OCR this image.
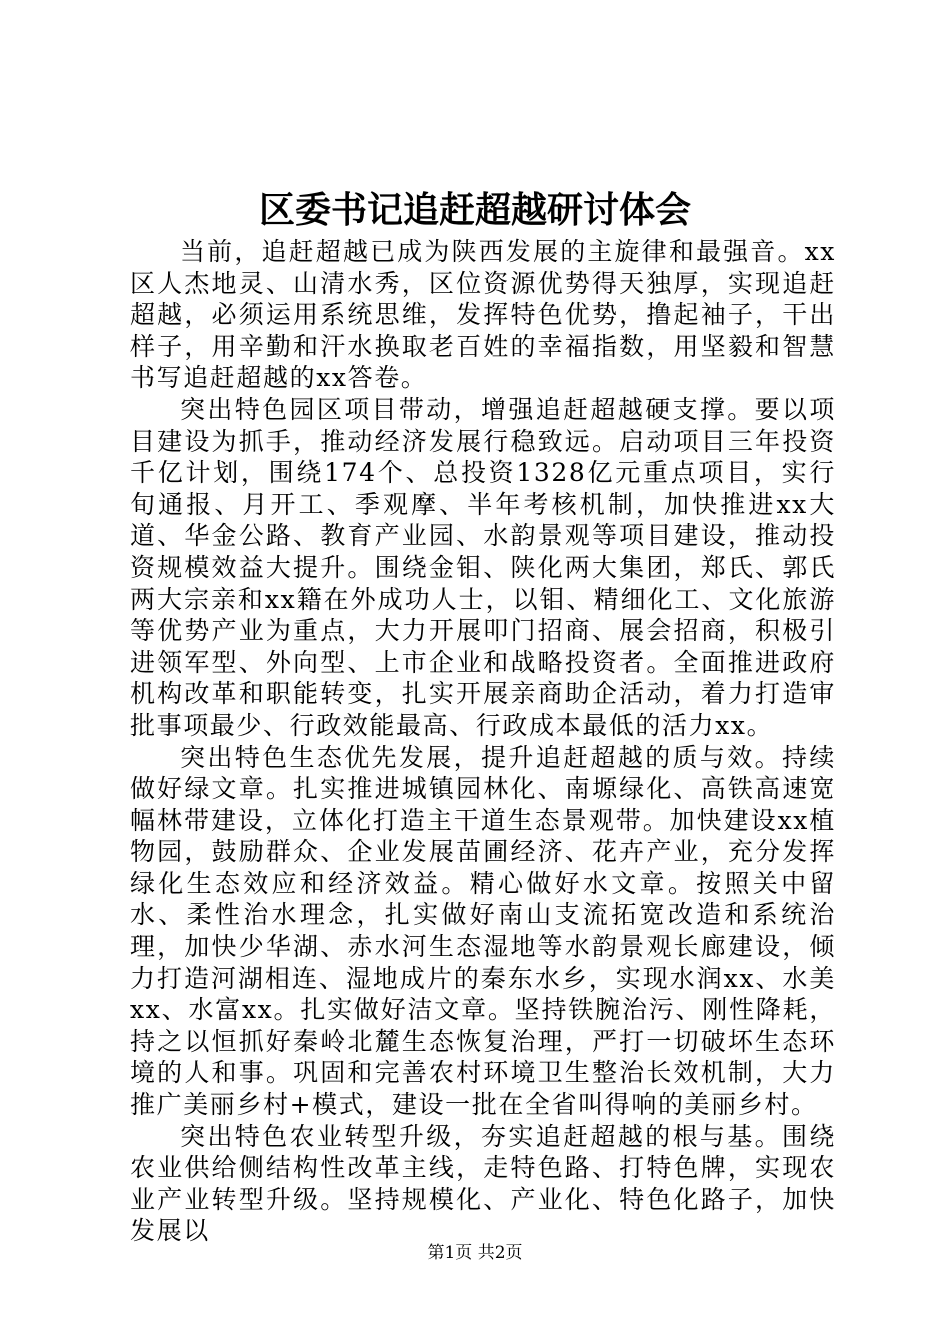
区委书记追赶超越研讨体会

当前，追赶超越已成为陕西发展的主旋律和最强音。xx区人杰地灵、山清水秀，区位资源优势得天独厚，实现追赶超越，必须运用系统思维，发挥特色优势，撸起袖子，干出样子，用辛勤和汗水换取老百姓的幸福指数，用坚毅和智慧书写追赶超越的xx答卷。

突出特色园区项目带动，增强追赶超越硬支撑。要以项目建设为抓手，推动经济发展行稳致远。启动项目三年投资千亿计划，围绕174个、总投资1328亿元重点项目，实行旬通报、月开工、季观摩、半年考核机制，加快推进xx大道、华金公路、教育产业园、水韵景观等项目建设，推动投资规模效益大提升。围绕金钼、陕化两大集团，郑氏、郭氏两大宗亲和xx籍在外成功人士，以钼、精细化工、文化旅游等优势产业为重点，大力开展叩门招商、展会招商，积极引进领军型、外向型、上市企业和战略投资者。全面推进政府机构改革和职能转变，扎实开展亲商助企活动，着力打造审批事项最少、行政效能最高、行政成本最低的活力xx。

突出特色生态优先发展，提升追赶超越的质与效。持续做好绿文章。扎实推进城镇园林化、南塬绿化、高铁高速宽幅林带建设，立体化打造主干道生态景观带。加快建设xx植物园，鼓励群众、企业发展苗圃经济、花卉产业，充分发挥绿化生态效应和经济效益。精心做好水文章。按照关中留水、柔性治水理念，扎实做好南山支流拓宽改造和系统治理，加快少华湖、赤水河生态湿地等水韵景观长廊建设，倾力打造河湖相连、湿地成片的秦东水乡，实现水润xx、水美xx、水富xx。扎实做好洁文章。坚持铁腕治污、刚性降耗，持之以恒抓好秦岭北麓生态恢复治理，严打一切破坏生态环境的人和事。巩固和完善农村环境卫生整治长效机制，大力推广美丽乡村+模式，建设一批在全省叫得响的美丽乡村。

突出特色农业转型升级，夯实追赶超越的根与基。围绕农业供给侧结构性改革主线，走特色路、打特色牌，实现农业产业转型升级。坚持规模化、产业化、特色化路子，加快发展以

第1页 共2页
